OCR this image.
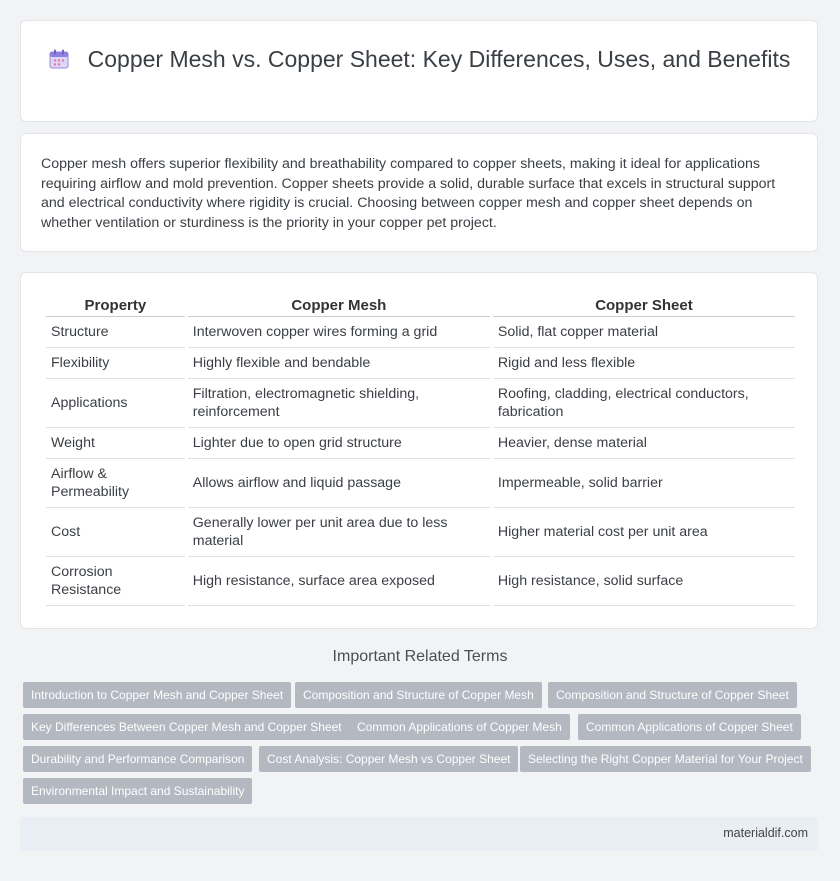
Copper Mesh vs. Copper Sheet: Key Differences, Uses, and Benefits

Copper mesh offers superior flexibility and breathability compared to copper sheets, making it ideal for applications requiring airflow and mold prevention. Copper sheets provide a solid, durable surface that excels in structural support and electrical conductivity where rigidity is crucial. Choosing between copper mesh and copper sheet depends on whether ventilation or sturdiness is the priority in your copper pet project.

Property	Copper Mesh	Copper Sheet
Structure	Interwoven copper wires forming a grid	Solid, flat copper material
Flexibility	Highly flexible and bendable	Rigid and less flexible
Applications	Filtration, electromagnetic shielding, reinforcement	Roofing, cladding, electrical conductors, fabrication
Weight	Lighter due to open grid structure	Heavier, dense material
Airflow & Permeability	Allows airflow and liquid passage	Impermeable, solid barrier
Cost	Generally lower per unit area due to less material	Higher material cost per unit area
Corrosion Resistance	High resistance, surface area exposed	High resistance, solid surface
Important Related Terms
Introduction to Copper Mesh and Copper Sheet	Composition and Structure of Copper Mesh	Composition and Structure of Copper Sheet
Key Differences Between Copper Mesh and Copper Sheet	Common Applications of Copper Mesh	Common Applications of Copper Sheet
Durability and Performance Comparison	Cost Analysis: Copper Mesh vs Copper Sheet	Selecting the Right Copper Material for Your Project
Environmental Impact and Sustainability
materialdif.com
